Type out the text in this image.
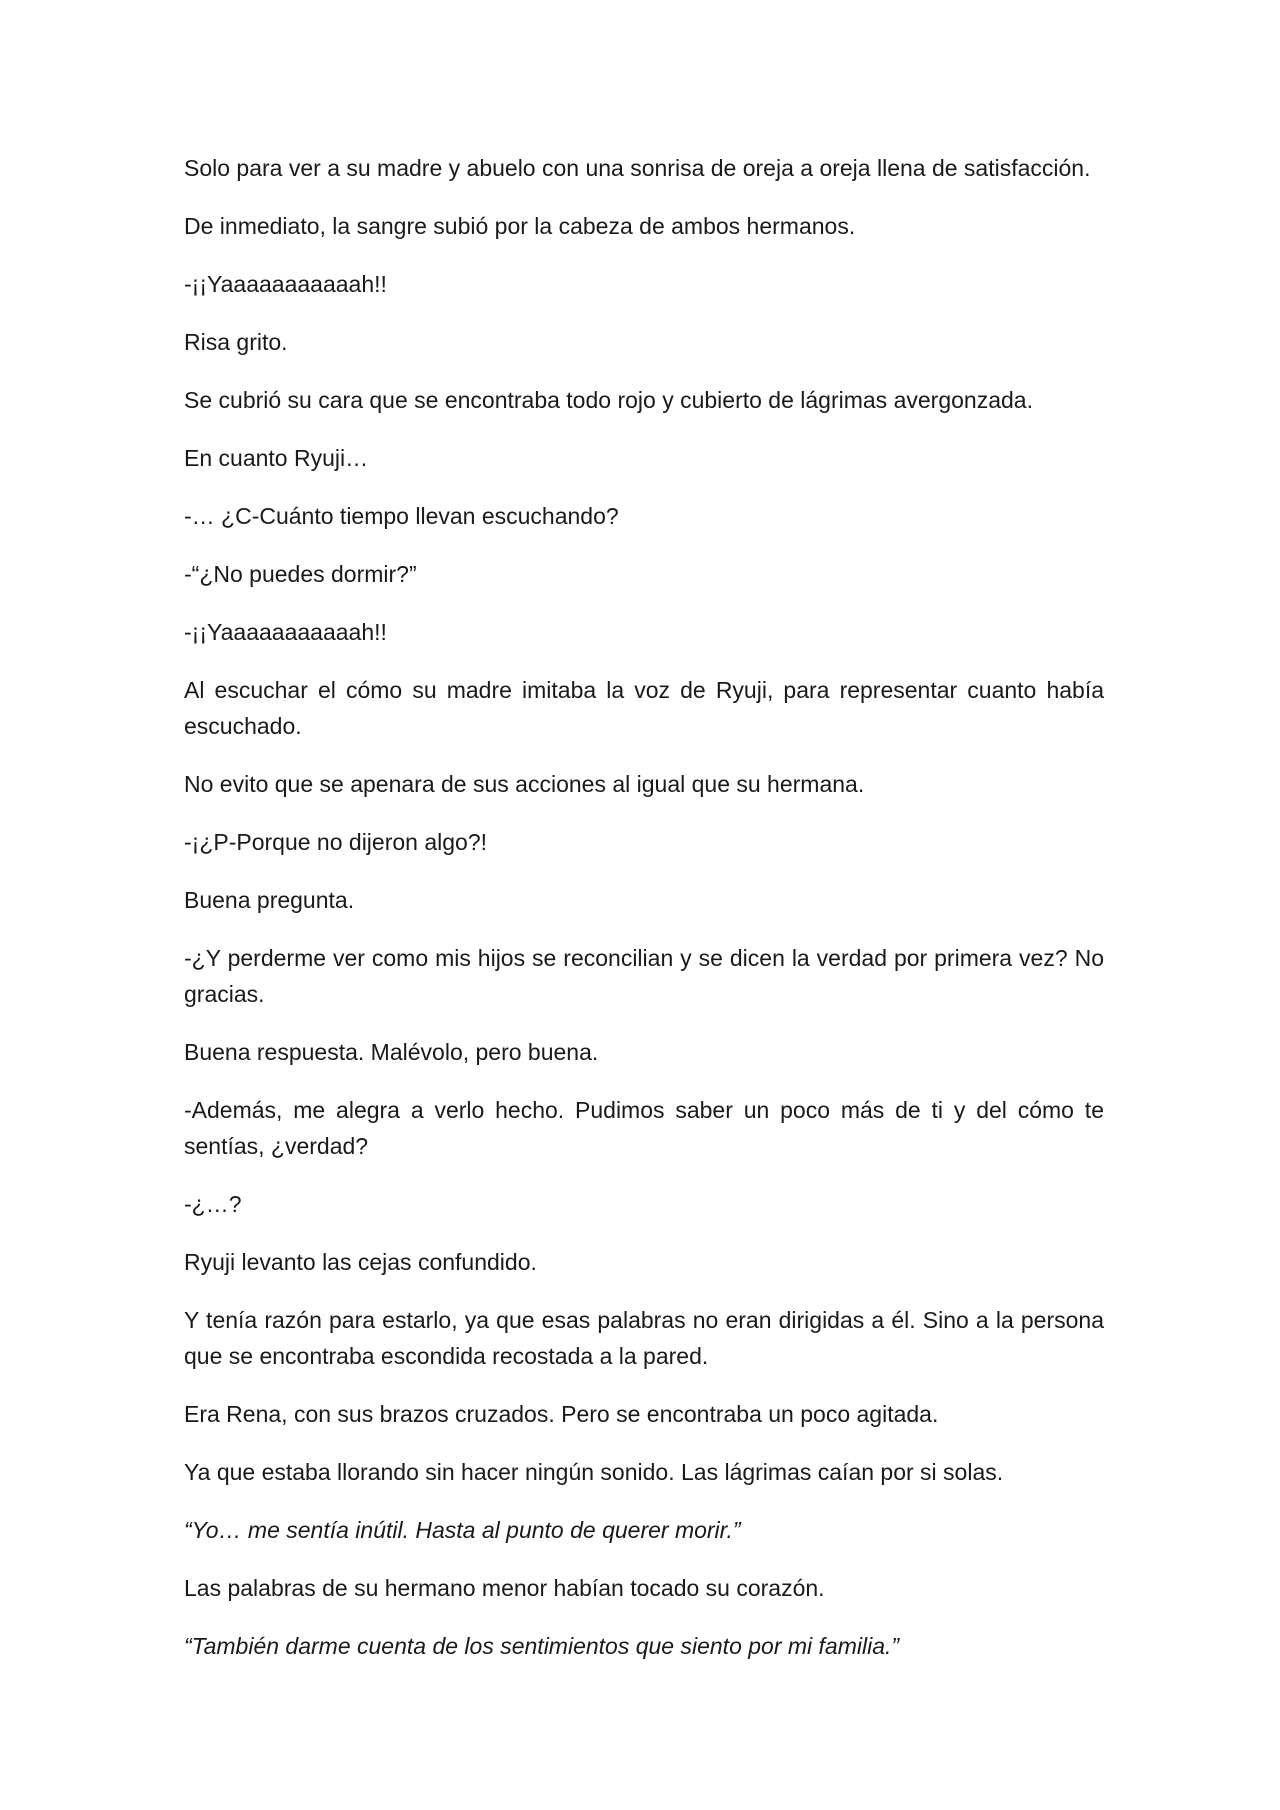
Solo para ver a su madre y abuelo con una sonrisa de oreja a oreja llena de satisfacción.

De inmediato, la sangre subió por la cabeza de ambos hermanos.

-¡¡Yaaaaaaaaaaah!!

Risa grito.

Se cubrió su cara que se encontraba todo rojo y cubierto de lágrimas avergonzada.

En cuanto Ryuji…

-… ¿C-Cuánto tiempo llevan escuchando?

-“¿No puedes dormir?”

-¡¡Yaaaaaaaaaaah!!

Al escuchar el cómo su madre imitaba la voz de Ryuji, para representar cuanto había escuchado.

No evito que se apenara de sus acciones al igual que su hermana.

-¡¿P-Porque no dijeron algo?!

Buena pregunta.

-¿Y perderme ver como mis hijos se reconcilian y se dicen la verdad por primera vez? No gracias.

Buena respuesta. Malévolo, pero buena.

-Además, me alegra a verlo hecho. Pudimos saber un poco más de ti y del cómo te sentías, ¿verdad?

-¿…?

Ryuji levanto las cejas confundido.

Y tenía razón para estarlo, ya que esas palabras no eran dirigidas a él. Sino a la persona que se encontraba escondida recostada a la pared.

Era Rena, con sus brazos cruzados. Pero se encontraba un poco agitada.

Ya que estaba llorando sin hacer ningún sonido. Las lágrimas caían por si solas.

“Yo… me sentía inútil. Hasta al punto de querer morir.”

Las palabras de su hermano menor habían tocado su corazón.

“También darme cuenta de los sentimientos que siento por mi familia.”
